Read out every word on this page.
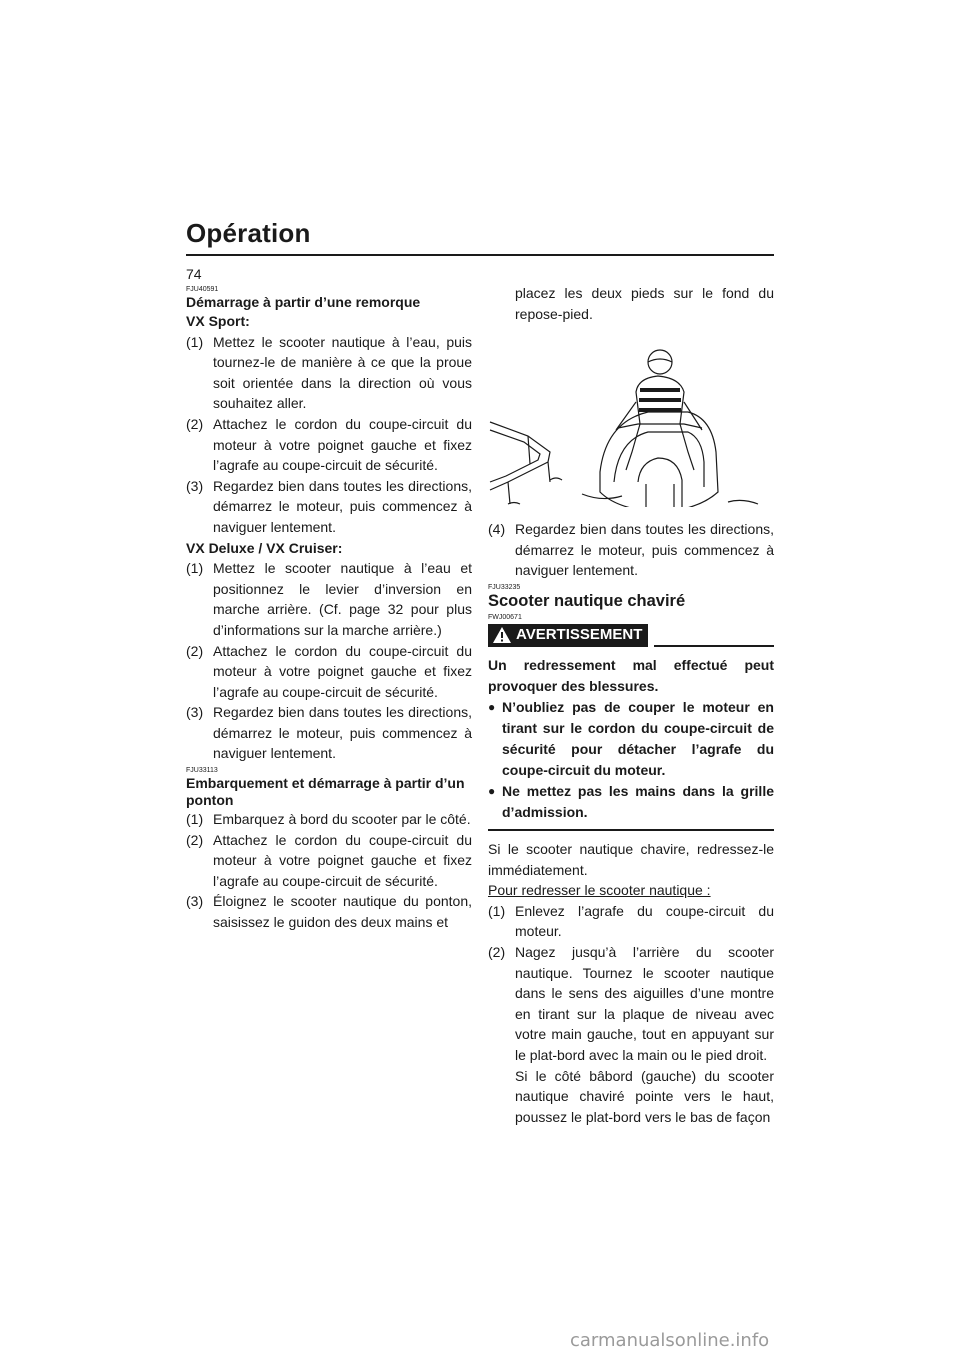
Opération
74
FJU40591
Démarrage à partir d’une remorque
VX Sport:
(1) Mettez le scooter nautique à l’eau, puis tournez-le de manière à ce que la proue soit orientée dans la direction où vous souhaitez aller.
(2) Attachez le cordon du coupe-circuit du moteur à votre poignet gauche et fixez l’agrafe au coupe-circuit de sécurité.
(3) Regardez bien dans toutes les directions, démarrez le moteur, puis commencez à naviguer lentement.
VX Deluxe / VX Cruiser:
(1) Mettez le scooter nautique à l’eau et positionnez le levier d’inversion en marche arrière. (Cf. page 32 pour plus d’informations sur la marche arrière.)
(2) Attachez le cordon du coupe-circuit du moteur à votre poignet gauche et fixez l’agrafe au coupe-circuit de sécurité.
(3) Regardez bien dans toutes les directions, démarrez le moteur, puis commencez à naviguer lentement.
FJU33113
Embarquement et démarrage à partir d’un ponton
(1) Embarquez à bord du scooter par le côté.
(2) Attachez le cordon du coupe-circuit du moteur à votre poignet gauche et fixez l’agrafe au coupe-circuit de sécurité.
(3) Éloignez le scooter nautique du ponton, saisissez le guidon des deux mains et
placez les deux pieds sur le fond du repose-pied.
(4) Regardez bien dans toutes les directions, démarrez le moteur, puis commencez à naviguer lentement.
FJU33235
Scooter nautique chaviré
FWJ00671
AVERTISSEMENT
Un redressement mal effectué peut provoquer des blessures.
● N’oubliez pas de couper le moteur en tirant sur le cordon du coupe-circuit de sécurité pour détacher l’agrafe du coupe-circuit du moteur.
● Ne mettez pas les mains dans la grille d’admission.
Si le scooter nautique chavire, redressez-le immédiatement.
Pour redresser le scooter nautique :
(1) Enlevez l’agrafe du coupe-circuit du moteur.
(2) Nagez jusqu’à l’arrière du scooter nautique. Tournez le scooter nautique dans le sens des aiguilles d’une montre en tirant sur la plaque de niveau avec votre main gauche, tout en appuyant sur le plat-bord avec la main ou le pied droit.
Si le côté bâbord (gauche) du scooter nautique chaviré pointe vers le haut, poussez le plat-bord vers le bas de façon
carmanualsonline.info
